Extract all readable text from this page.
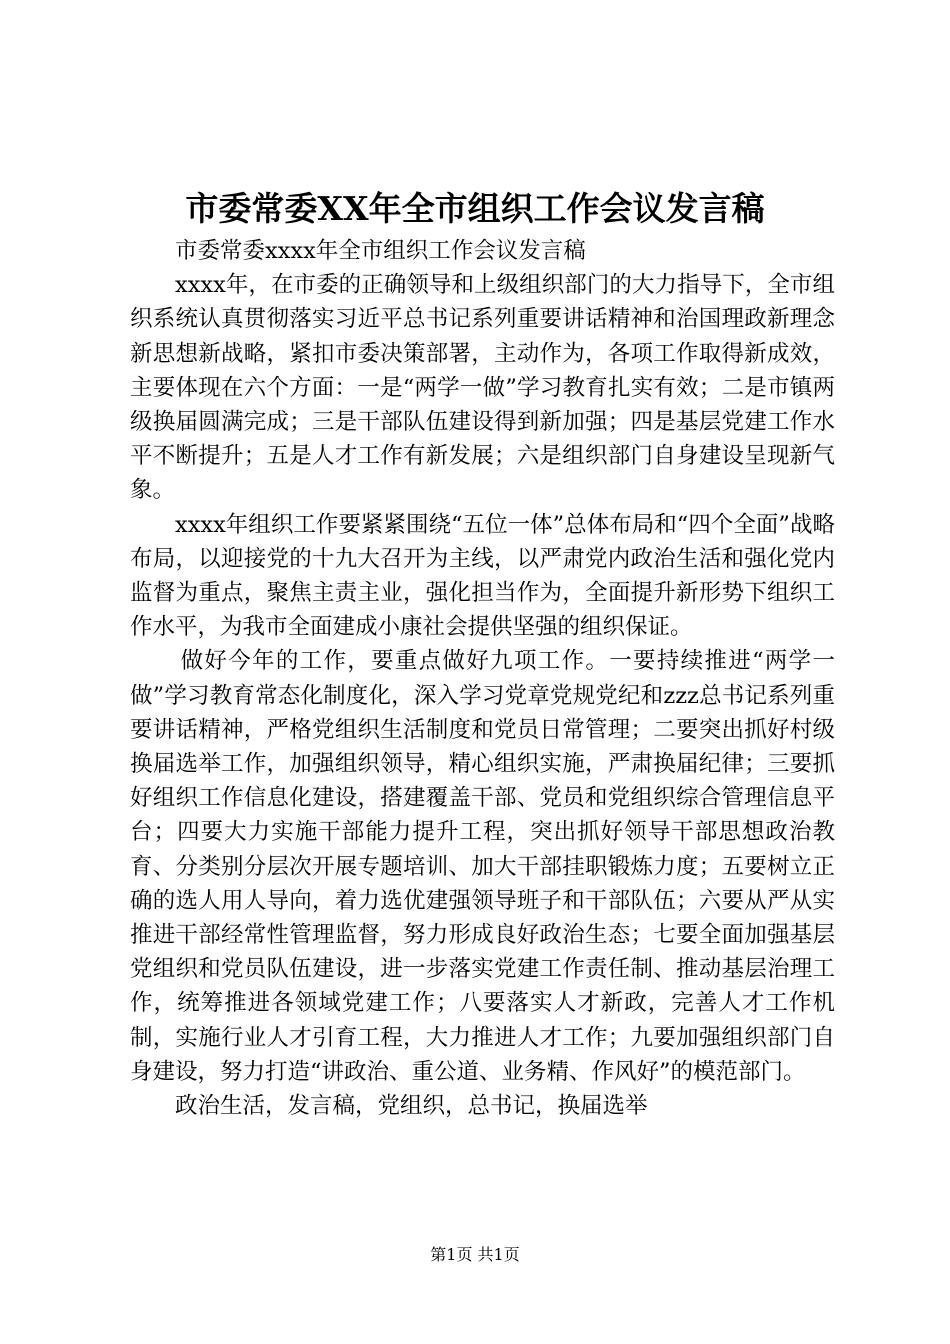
市委常委XX年全市组织工作会议发言稿

市委常委xxxx年全市组织工作会议发言稿

xxxx年，在市委的正确领导和上级组织部门的大力指导下，全市组织系统认真贯彻落实习近平总书记系列重要讲话精神和治国理政新理念新思想新战略，紧扣市委决策部署，主动作为，各项工作取得新成效，主要体现在六个方面：一是“两学一做”学习教育扎实有效；二是市镇两级换届圆满完成；三是干部队伍建设得到新加强；四是基层党建工作水平不断提升；五是人才工作有新发展；六是组织部门自身建设呈现新气象。

xxxx年组织工作要紧紧围绕“五位一体”总体布局和“四个全面”战略布局，以迎接党的十九大召开为主线，以严肃党内政治生活和强化党内监督为重点，聚焦主责主业，强化担当作为，全面提升新形势下组织工作水平，为我市全面建成小康社会提供坚强的组织保证。

做好今年的工作，要重点做好九项工作。一要持续推进“两学一做”学习教育常态化制度化，深入学习党章党规党纪和zzz总书记系列重要讲话精神，严格党组织生活制度和党员日常管理；二要突出抓好村级换届选举工作，加强组织领导，精心组织实施，严肃换届纪律；三要抓好组织工作信息化建设，搭建覆盖干部、党员和党组织综合管理信息平台；四要大力实施干部能力提升工程，突出抓好领导干部思想政治教育、分类别分层次开展专题培训、加大干部挂职锻炼力度；五要树立正确的选人用人导向，着力选优建强领导班子和干部队伍；六要从严从实推进干部经常性管理监督，努力形成良好政治生态；七要全面加强基层党组织和党员队伍建设，进一步落实党建工作责任制、推动基层治理工作，统筹推进各领域党建工作；八要落实人才新政，完善人才工作机制，实施行业人才引育工程，大力推进人才工作；九要加强组织部门自身建设，努力打造“讲政治、重公道、业务精、作风好”的模范部门。

政治生活，发言稿，党组织，总书记，换届选举

第1页 共1页
